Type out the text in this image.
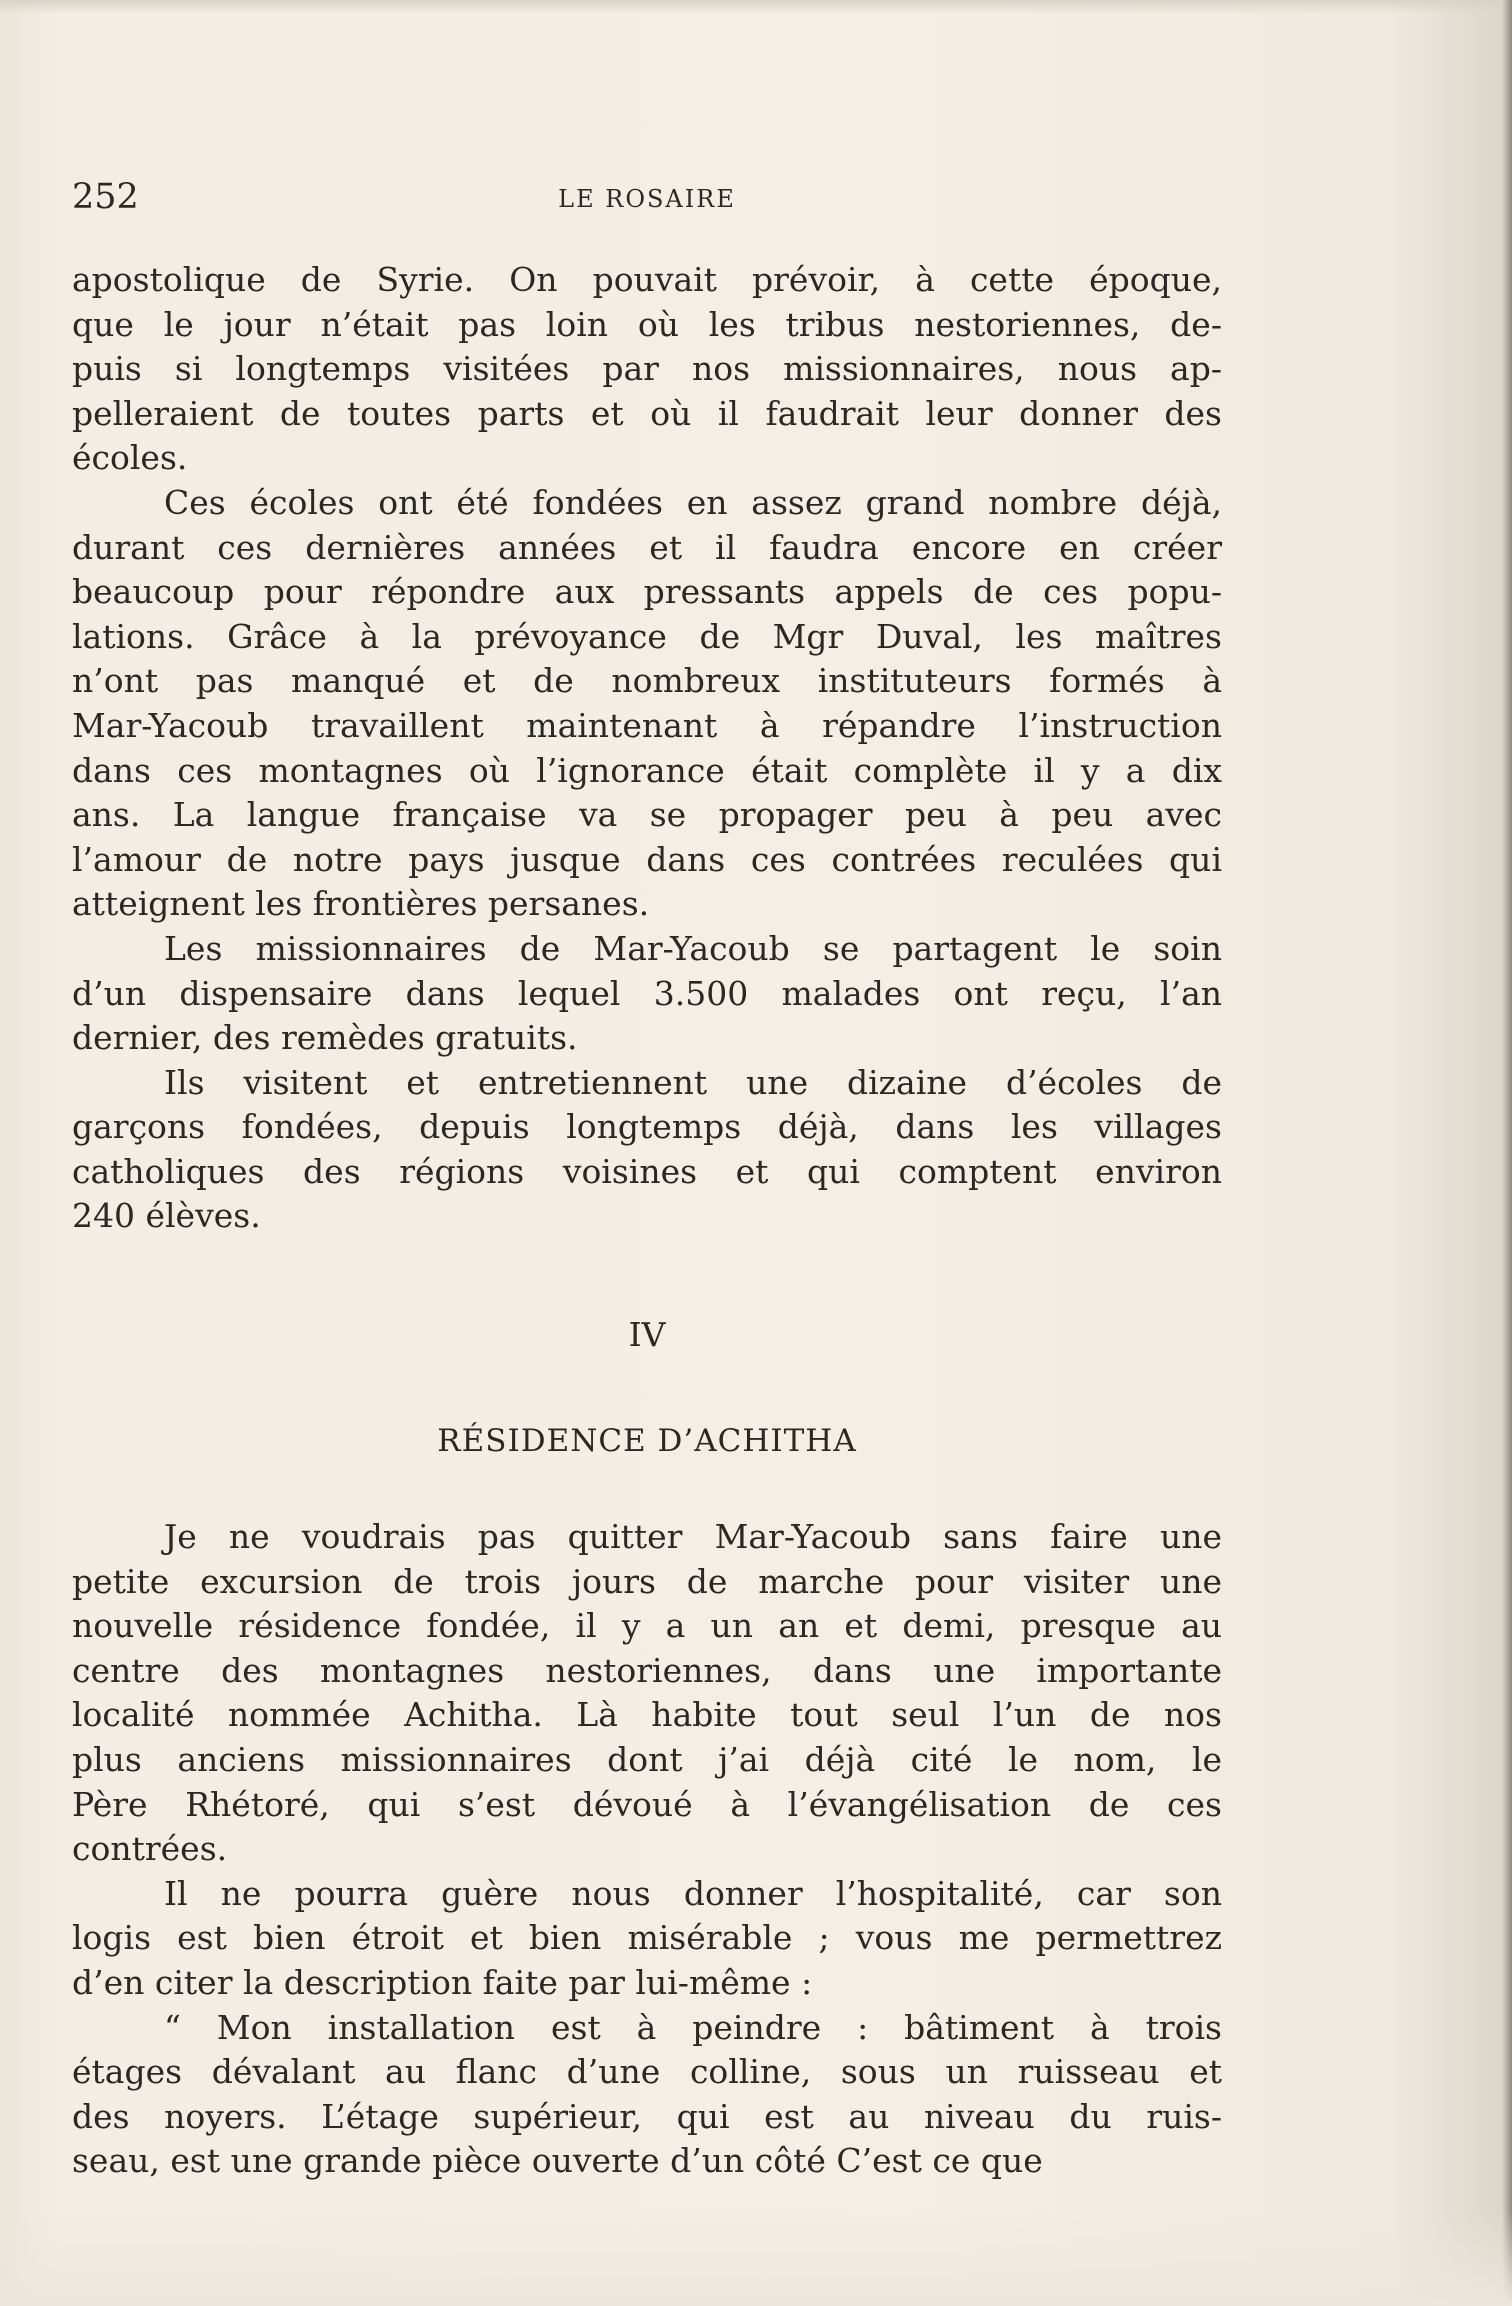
252	LE ROSAIRE

apostolique de Syrie. On pouvait prévoir, à cette époque,
que le jour n’était pas loin où les tribus nestoriennes, de-
puis si longtemps visitées par nos missionnaires, nous ap-
pelleraient de toutes parts et où il faudrait leur donner des
écoles.

Ces écoles ont été fondées en assez grand nombre déjà,
durant ces dernières années et il faudra encore en créer
beaucoup pour répondre aux pressants appels de ces popu-
lations. Grâce à la prévoyance de Mgr Duval, les maîtres
n’ont pas manqué et de nombreux instituteurs formés à
Mar-Yacoub travaillent maintenant à répandre l’instruction
dans ces montagnes où l’ignorance était complète il y a dix
ans. La langue française va se propager peu à peu avec
l’amour de notre pays jusque dans ces contrées reculées qui
atteignent les frontières persanes.

Les missionnaires de Mar-Yacoub se partagent le soin
d’un dispensaire dans lequel 3.500 malades ont reçu, l’an
dernier, des remèdes gratuits.

Ils visitent et entretiennent une dizaine d’écoles de
garçons fondées, depuis longtemps déjà, dans les villages
catholiques des régions voisines et qui comptent environ
240 élèves.

IV
RÉSIDENCE D’ACHITHA

Je ne voudrais pas quitter Mar-Yacoub sans faire une
petite excursion de trois jours de marche pour visiter une
nouvelle résidence fondée, il y a un an et demi, presque au
centre des montagnes nestoriennes, dans une importante
localité nommée Achitha. Là habite tout seul l’un de nos
plus anciens missionnaires dont j’ai déjà cité le nom, le
Père Rhétoré, qui s’est dévoué à l’évangélisation de ces
contrées.

Il ne pourra guère nous donner l’hospitalité, car son
logis est bien étroit et bien misérable ; vous me permettrez
d’en citer la description faite par lui-même :

“ Mon installation est à peindre : bâtiment à trois
étages dévalant au flanc d’une colline, sous un ruisseau et
des noyers. L’étage supérieur, qui est au niveau du ruis-
seau, est une grande pièce ouverte d’un côté C’est ce que
